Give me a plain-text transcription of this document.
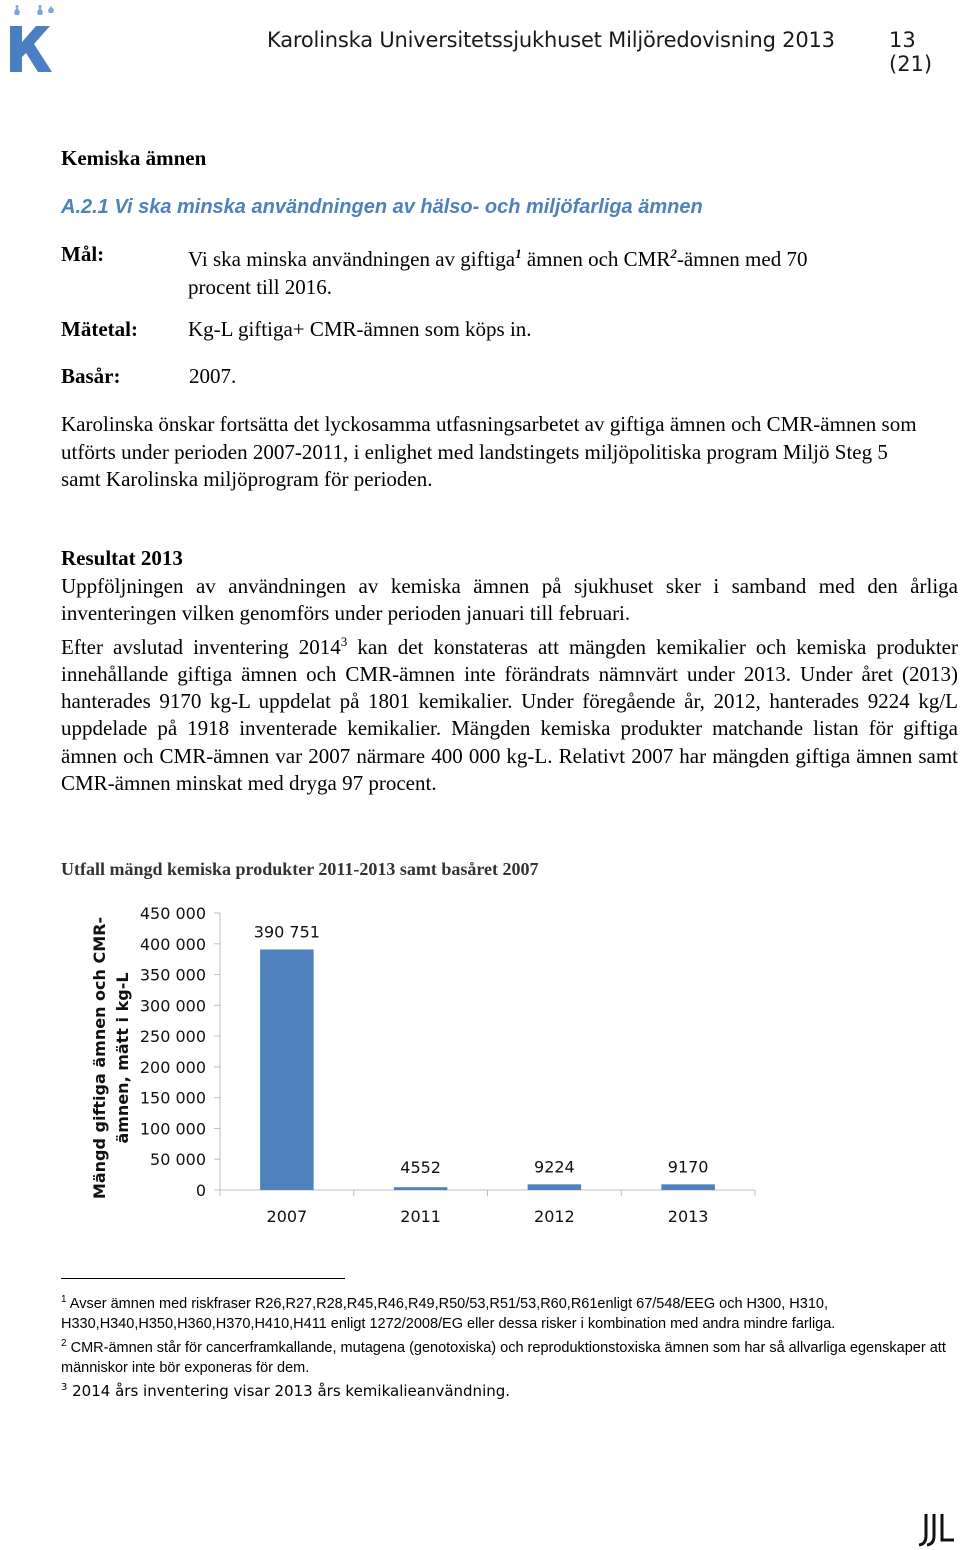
Karolinska Universitetssjukhuset Miljöredovisning 2013	13 (21)
Kemiska ämnen
A.2.1 Vi ska minska användningen av hälso- och miljöfarliga ämnen
Mål:	Vi ska minska användningen av giftiga$^1$ ämnen och CMR$^2$-ämnen med 70
procent till 2016.
Mätetal: Kg-L giftiga+ CMR-ämnen som köps in.
Basår:	2007.
Karolinska önskar fortsätta det lyckosamma utfasningsarbetet av giftiga ämnen och CMR-ämnen som utförts under perioden 2007-2011, i enlighet med landstingets miljöpolitiska program Miljö Steg 5 samt Karolinska miljöprogram för perioden.
Resultat 2013

Uppföljningen av användningen av kemiska ämnen på sjukhuset sker i samband med den årliga inventeringen vilken genomförs under perioden januari till februari.

Efter avslutad inventering 2014$^3$ kan det konstateras att mängden kemikalier och kemiska produkter innehållande giftiga ämnen och CMR-ämnen inte förändrats nämnvärt under 2013. Under året (2013) hanterades 9170 kg-L uppdelat på 1801 kemikalier. Under föregående år, 2012, hanterades 9224 kg/L uppdelade på 1918 inventerade kemikalier. Mängden kemiska produkter matchande listan för giftiga ämnen och CMR-ämnen var 2007 närmare 400 000 kg-L. Relativt 2007 har mängden giftiga ämnen samt CMR-ämnen minskat med dryga 97 procent.

Utfall mängd kemiska produkter 2011-2013 samt basåret 2007
Mängd giftiga ämnen och CMR- ämnen, mätt i kg-L
0
50 000
100 000
150 000
200 000
250 000
300 000
350 000
400 000
450 000
390 751
2007
4552
2011
9224
2012
9170
2013

$^1$ Avser ämnen med riskfraser R26,R27,R28,R45,R46,R49,R50/53,R51/53,R60,R61enligt 67/548/EEG och H300, H310, H330,H340,H350,H360,H370,H410,H411 enligt 1272/2008/EG eller dessa risker i kombination med andra mindre farliga.

$^2$ CMR-ämnen står för cancerframkallande, mutagena (genotoxiska) och reproduktionstoxiska ämnen som har så allvarliga egenskaper att människor inte bör exponeras för dem.

$^3$ 2014 års inventering visar 2013 års kemikalieanvändning.
